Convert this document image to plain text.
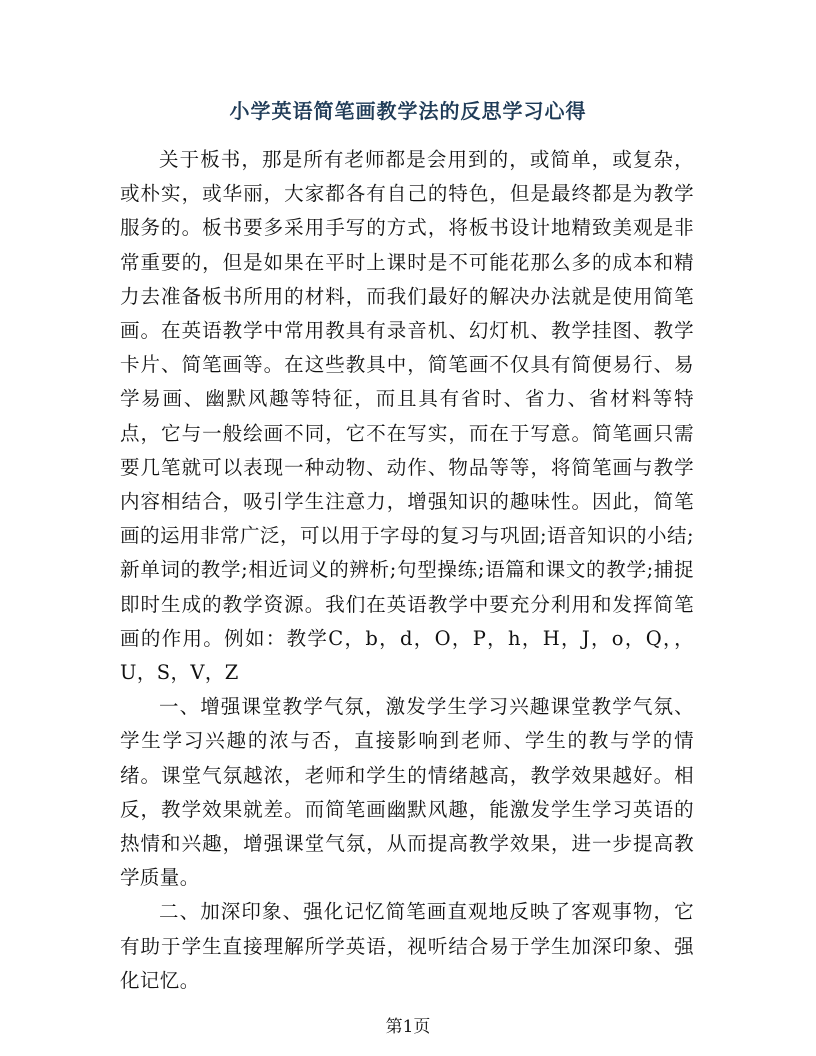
小学英语简笔画教学法的反思学习心得

关于板书，那是所有老师都是会用到的，或简单，或复杂，或朴实，或华丽，大家都各有自己的特色，但是最终都是为教学服务的。板书要多采用手写的方式，将板书设计地精致美观是非常重要的，但是如果在平时上课时是不可能花那么多的成本和精力去准备板书所用的材料，而我们最好的解决办法就是使用简笔画。在英语教学中常用教具有录音机、幻灯机、教学挂图、教学卡片、简笔画等。在这些教具中，简笔画不仅具有简便易行、易学易画、幽默风趣等特征，而且具有省时、省力、省材料等特点，它与一般绘画不同，它不在写实，而在于写意。简笔画只需要几笔就可以表现一种动物、动作、物品等等，将简笔画与教学内容相结合，吸引学生注意力，增强知识的趣味性。因此，简笔画的运用非常广泛，可以用于字母的复习与巩固;语音知识的小结;新单词的教学;相近词义的辨析;句型操练;语篇和课文的教学;捕捉即时生成的教学资源。我们在英语教学中要充分利用和发挥简笔画的作用。例如：教学C，b，d，O，P，h，H，J，o，Q，，U，S，V，Z

一、增强课堂教学气氛，激发学生学习兴趣课堂教学气氛、学生学习兴趣的浓与否，直接影响到老师、学生的教与学的情绪。课堂气氛越浓，老师和学生的情绪越高，教学效果越好。相反，教学效果就差。而简笔画幽默风趣，能激发学生学习英语的热情和兴趣，增强课堂气氛，从而提高教学效果，进一步提高教学质量。

二、加深印象、强化记忆简笔画直观地反映了客观事物，它有助于学生直接理解所学英语，视听结合易于学生加深印象、强化记忆。

第1页
